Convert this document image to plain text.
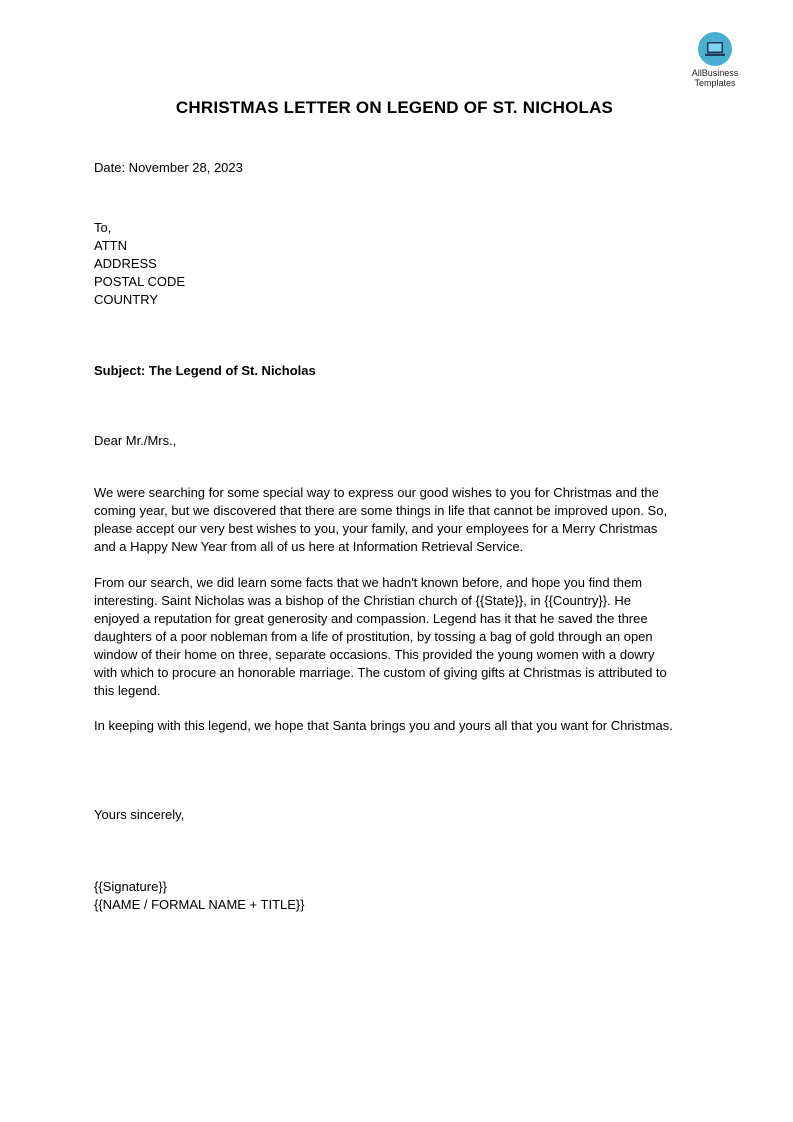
AllBusiness
Templates
CHRISTMAS LETTER ON LEGEND OF ST. NICHOLAS
Date: November 28, 2023
To,
ATTN
ADDRESS
POSTAL CODE
COUNTRY
Subject: The Legend of St. Nicholas
Dear Mr./Mrs.,
We were searching for some special way to express our good wishes to you for Christmas and the
coming year, but we discovered that there are some things in life that cannot be improved upon. So,
please accept our very best wishes to you, your family, and your employees for a Merry Christmas
and a Happy New Year from all of us here at Information Retrieval Service.
From our search, we did learn some facts that we hadn't known before, and hope you find them
interesting. Saint Nicholas was a bishop of the Christian church of {{State}}, in {{Country}}. He
enjoyed a reputation for great generosity and compassion. Legend has it that he saved the three
daughters of a poor nobleman from a life of prostitution, by tossing a bag of gold through an open
window of their home on three, separate occasions. This provided the young women with a dowry
with which to procure an honorable marriage. The custom of giving gifts at Christmas is attributed to
this legend.
In keeping with this legend, we hope that Santa brings you and yours all that you want for Christmas.
Yours sincerely,
{{Signature}}
{{NAME / FORMAL NAME + TITLE}}
